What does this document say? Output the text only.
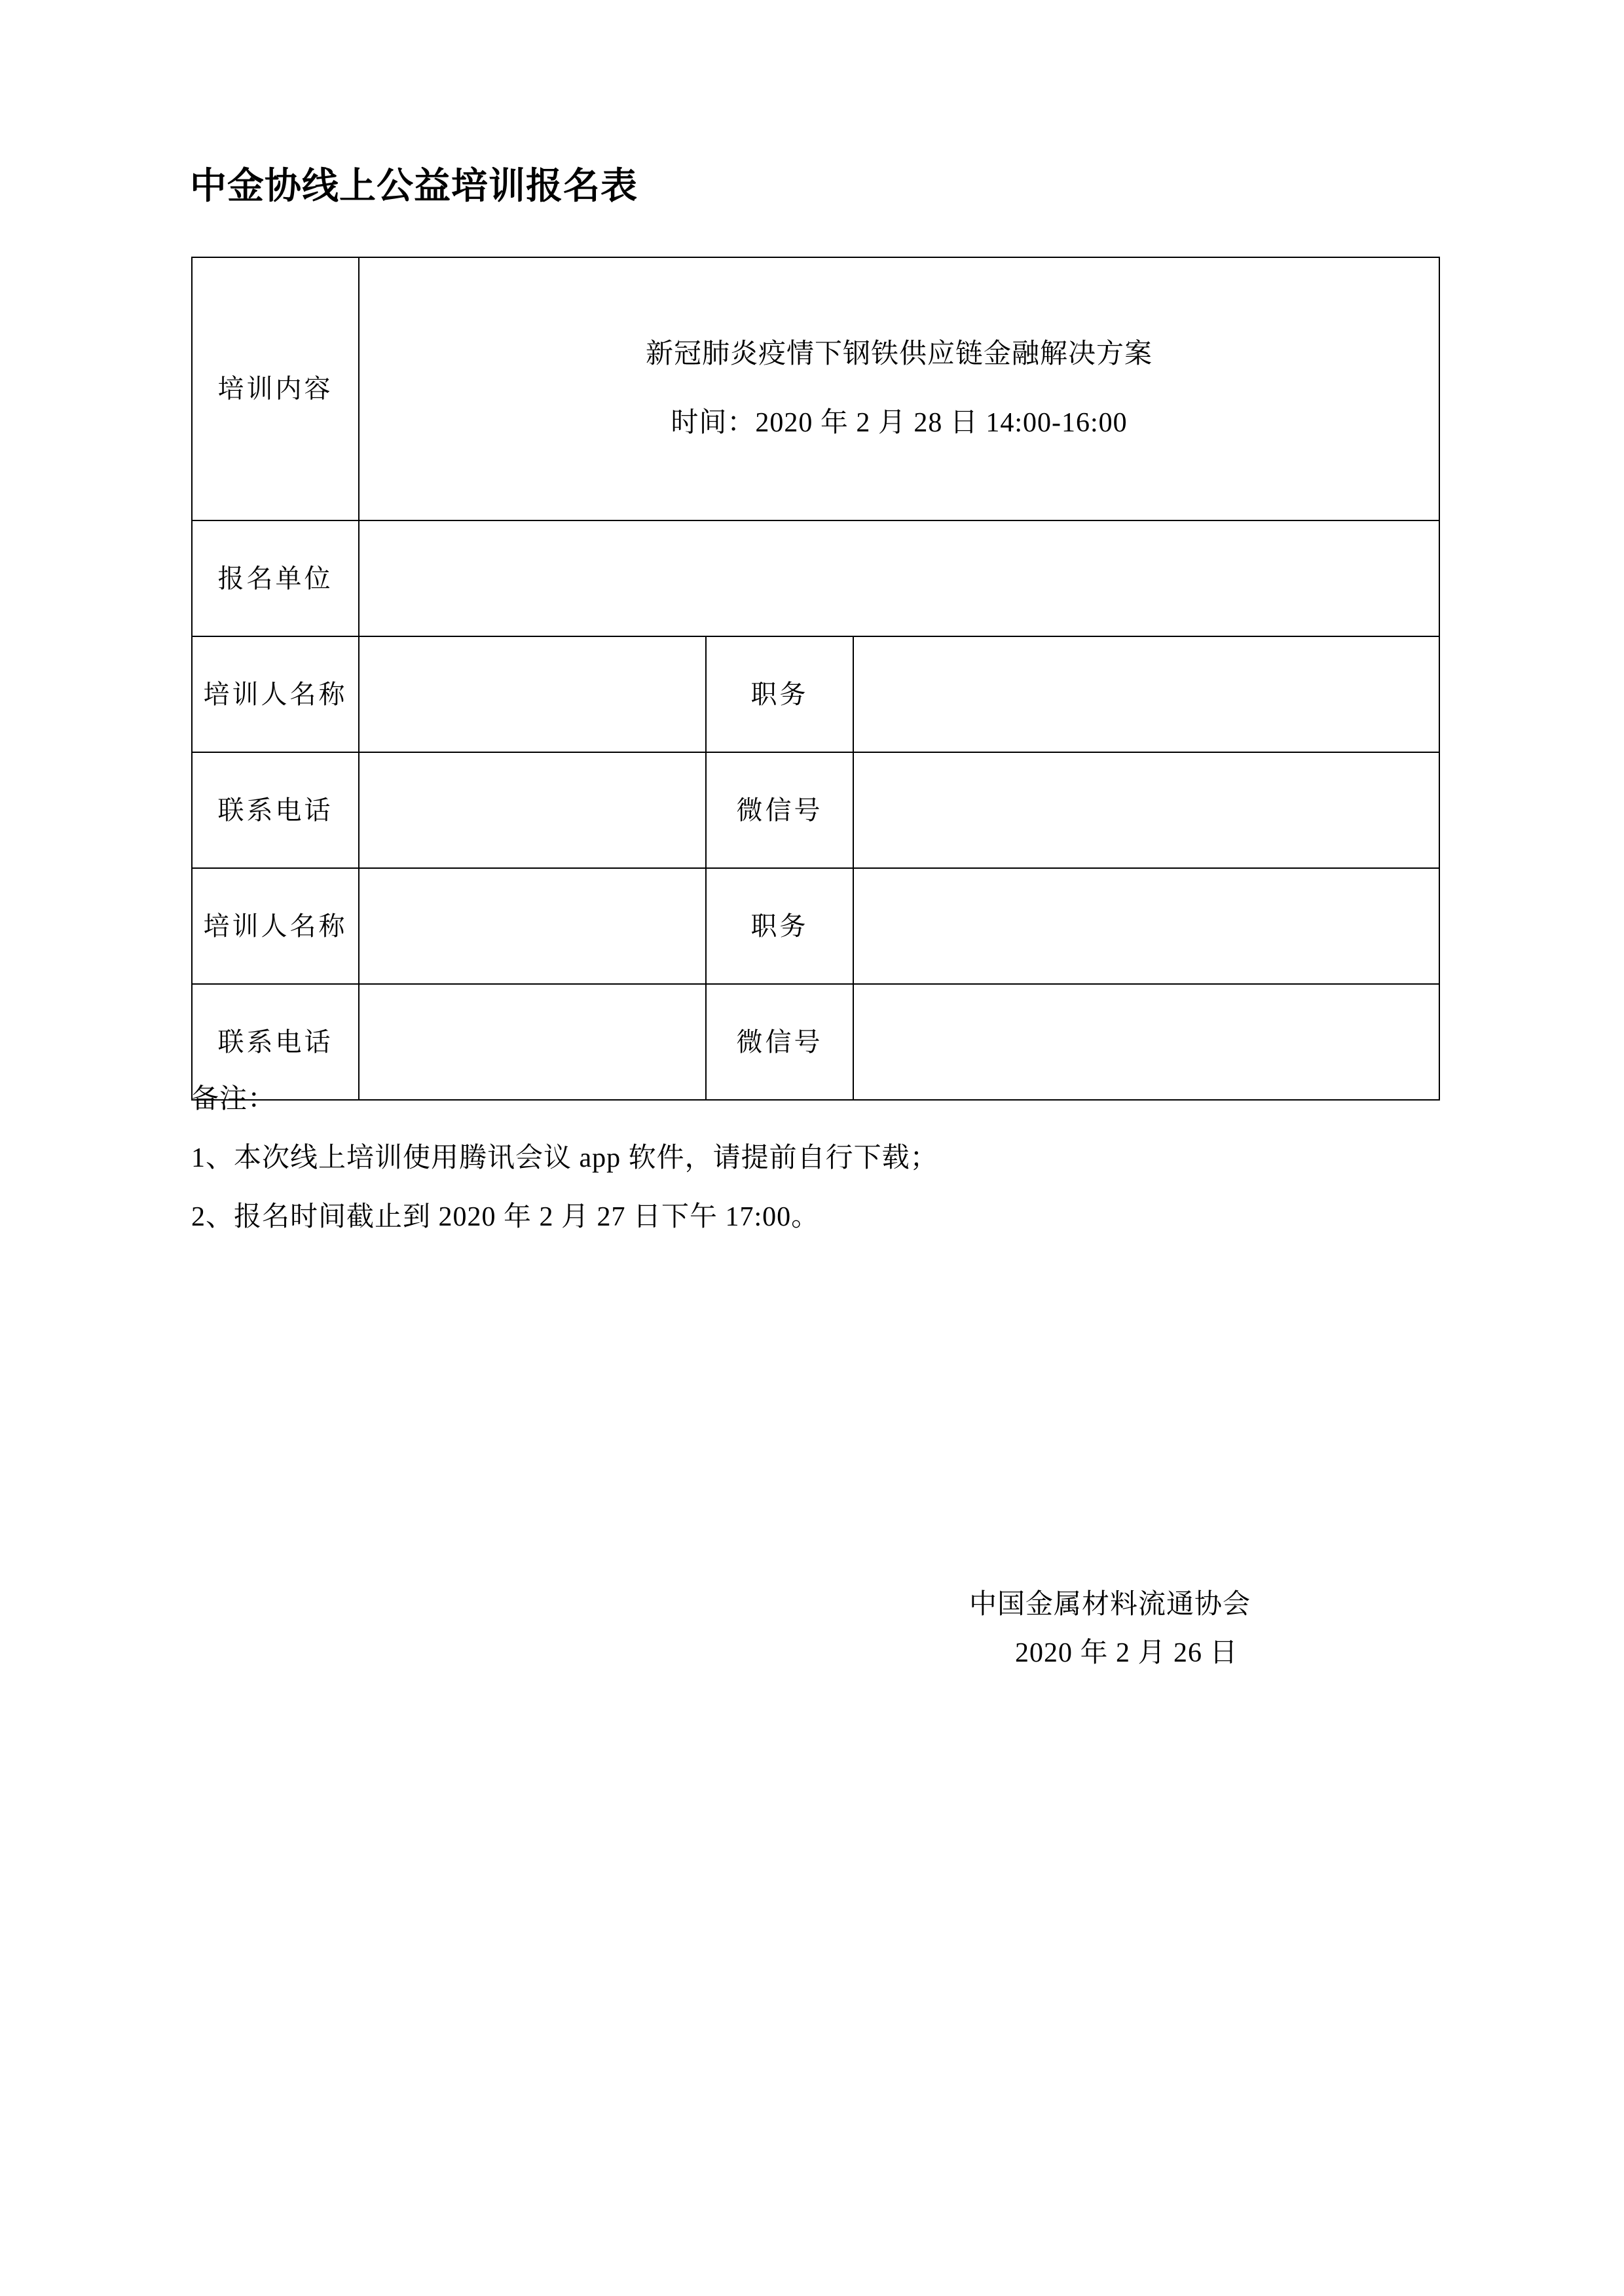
中金协线上公益培训报名表
培训内容	新冠肺炎疫情下钢铁供应链金融解决方案
时间：2020 年 2 月 28 日 14:00-16:00		

报名单位			
培训人名称		职务	
联系电话		微信号	
培训人名称		职务	
联系电话		微信号	
备注：
1、本次线上培训使用腾讯会议 app 软件，请提前自行下载；
2、报名时间截止到 2020 年 2 月 27 日下午 17:00。
中国金属材料流通协会
2020 年 2 月 26 日
